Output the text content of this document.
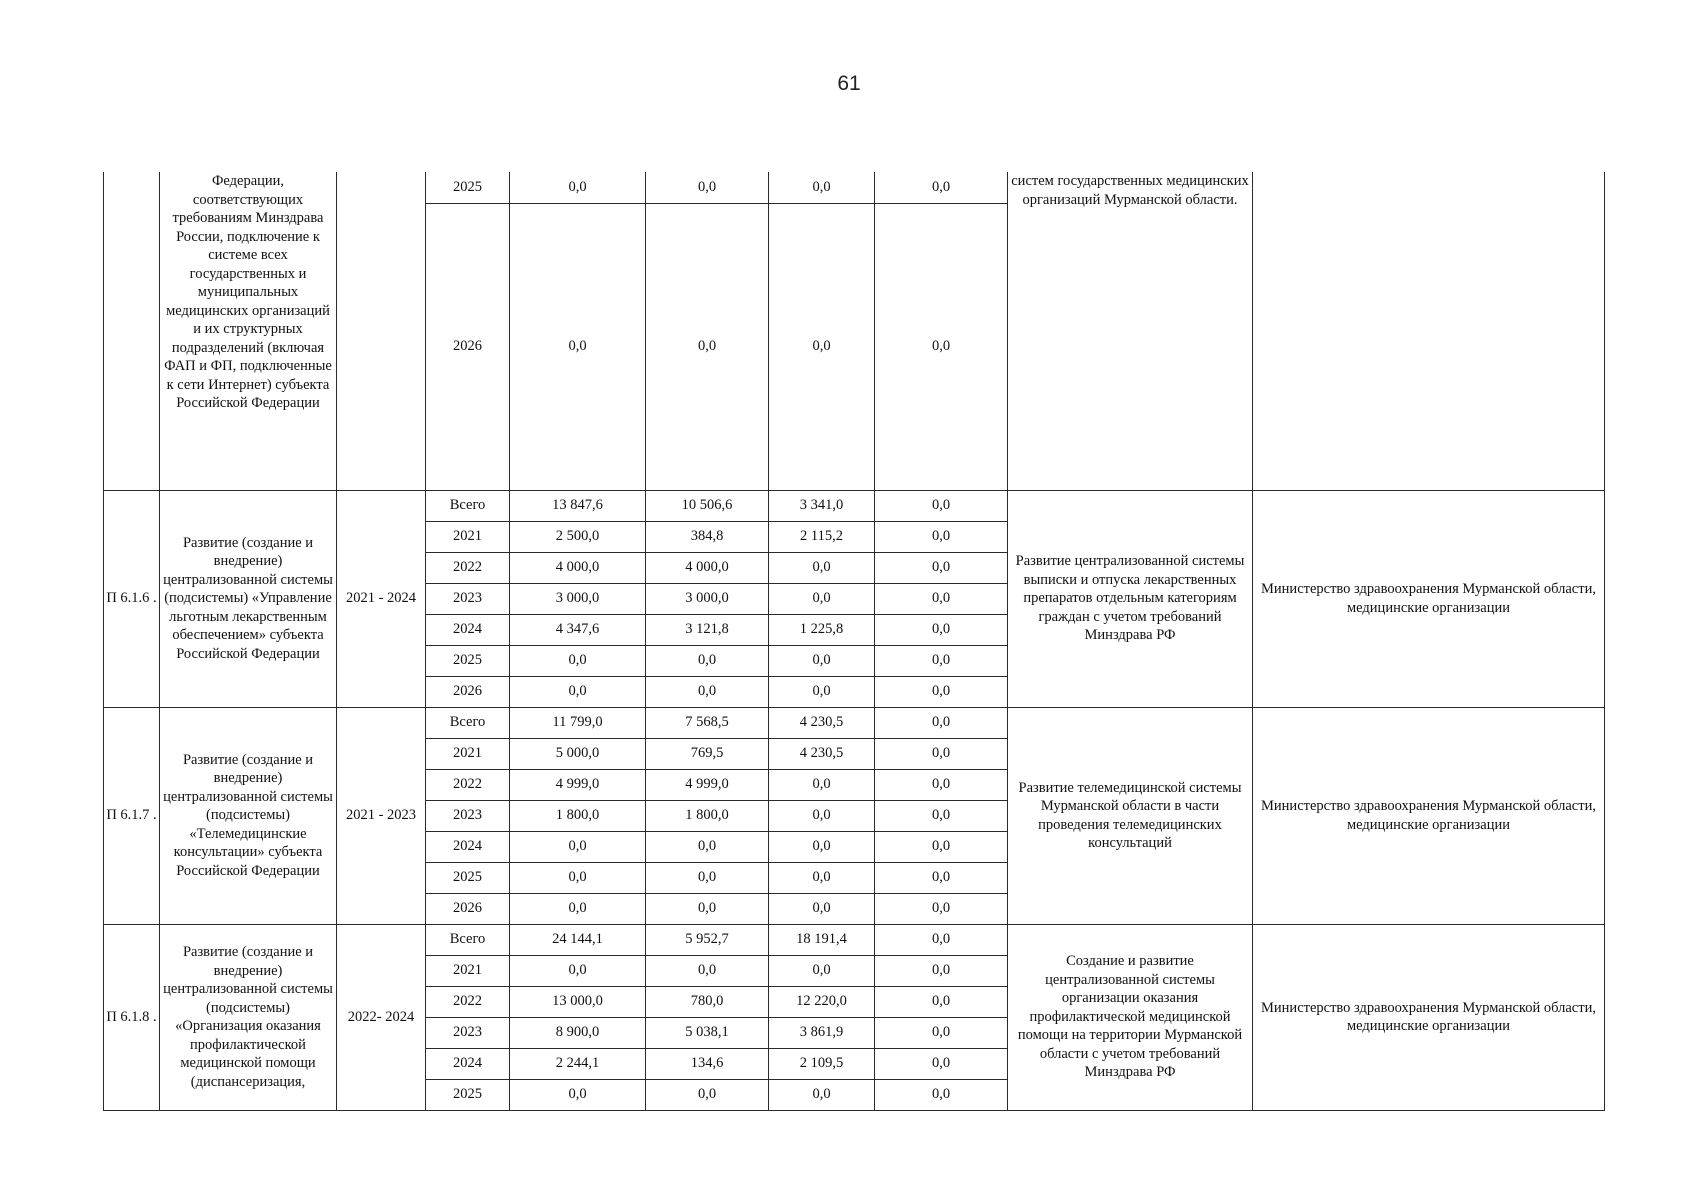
61
	Федерации, соответствующих требованиям Минздрава России, подключение к системе всех государственных и муниципальных медицинских организаций и их структурных подразделений (включая ФАП и ФП, подключенные к сети Интернет) субъекта Российской Федерации		2025	0,0	0,0	0,0	0,0	систем государственных медицинских организаций Мурманской области.	
			2026	0,0	0,0	0,0	0,0		
П 6.1.6 .	Развитие (создание и внедрение) централизованной системы (подсистемы) «Управление льготным лекарственным обеспечением» субъекта Российской Федерации	2021 - 2024	Всего	13 847,6	10 506,6	3 341,0	0,0	Развитие централизованной системы выписки и отпуска лекарственных препаратов отдельным категориям граждан с учетом требований Минздрава РФ	Министерство здравоохранения Мурманской области, медицинские организации
			2021	2 500,0	384,8	2 115,2	0,0		
			2022	4 000,0	4 000,0	0,0	0,0		
			2023	3 000,0	3 000,0	0,0	0,0		
			2024	4 347,6	3 121,8	1 225,8	0,0		
			2025	0,0	0,0	0,0	0,0		
			2026	0,0	0,0	0,0	0,0		
П 6.1.7 .	Развитие (создание и внедрение) централизованной системы (подсистемы) «Телемедицинские консультации» субъекта Российской Федерации	2021 - 2023	Всего	11 799,0	7 568,5	4 230,5	0,0	Развитие телемедицинской системы Мурманской области в части проведения телемедицинских консультаций	Министерство здравоохранения Мурманской области, медицинские организации
			2021	5 000,0	769,5	4 230,5	0,0		
			2022	4 999,0	4 999,0	0,0	0,0		
			2023	1 800,0	1 800,0	0,0	0,0		
			2024	0,0	0,0	0,0	0,0		
			2025	0,0	0,0	0,0	0,0		
			2026	0,0	0,0	0,0	0,0		
П 6.1.8 .	Развитие (создание и внедрение) централизованной системы (подсистемы) «Организация оказания профилактической медицинской помощи (диспансеризация,	2022- 2024	Всего	24 144,1	5 952,7	18 191,4	0,0	Создание и развитие централизованной системы организации оказания профилактической медицинской помощи на территории Мурманской области с учетом требований Минздрава РФ	Министерство здравоохранения Мурманской области, медицинские организации
			2021	0,0	0,0	0,0	0,0		
			2022	13 000,0	780,0	12 220,0	0,0		
			2023	8 900,0	5 038,1	3 861,9	0,0		
			2024	2 244,1	134,6	2 109,5	0,0		
			2025	0,0	0,0	0,0	0,0		
